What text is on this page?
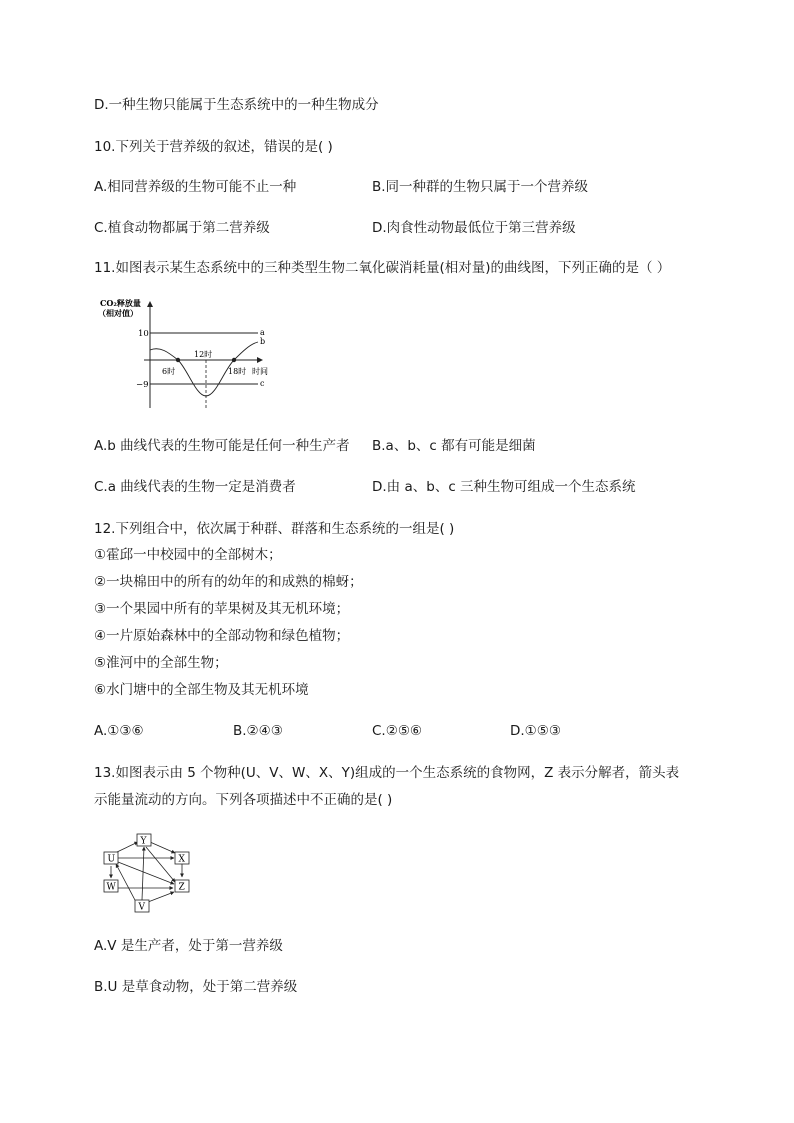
D.一种生物只能属于生态系统中的一种生物成分
10.下列关于营养级的叙述，错误的是( )
A.相同营养级的生物可能不止一种	B.同一种群的生物只属于一个营养级
C.植食动物都属于第二营养级	D.肉食性动物最低位于第三营养级
11.如图表示某生态系统中的三种类型生物二氧化碳消耗量(相对量)的曲线图，下列正确的是（ ）
CO₂释放量
（相对值）
10
−9
a
c
b
6时
12时
18时 时间
A.b 曲线代表的生物可能是任何一种生产者 B.a、b、c 都有可能是细菌
C.a 曲线代表的生物一定是消费者	D.由 a、b、c 三种生物可组成一个生态系统
12.下列组合中，依次属于种群、群落和生态系统的一组是( )
①霍邱一中校园中的全部树木；
②一块棉田中的所有的幼年的和成熟的棉蚜；
③一个果园中所有的苹果树及其无机环境；
④一片原始森林中的全部动物和绿色植物；
⑤淮河中的全部生物；
⑥水门塘中的全部生物及其无机环境
A.①③⑥	B.②④③	C.②⑤⑥	D.①⑤③
13.如图表示由 5 个物种(U、V、W、X、Y)组成的一个生态系统的食物网，Z 表示分解者，箭头表
示能量流动的方向。下列各项描述中不正确的是( )
Y
U	X
W	Z
V
A.V 是生产者，处于第一营养级
B.U 是草食动物，处于第二营养级
